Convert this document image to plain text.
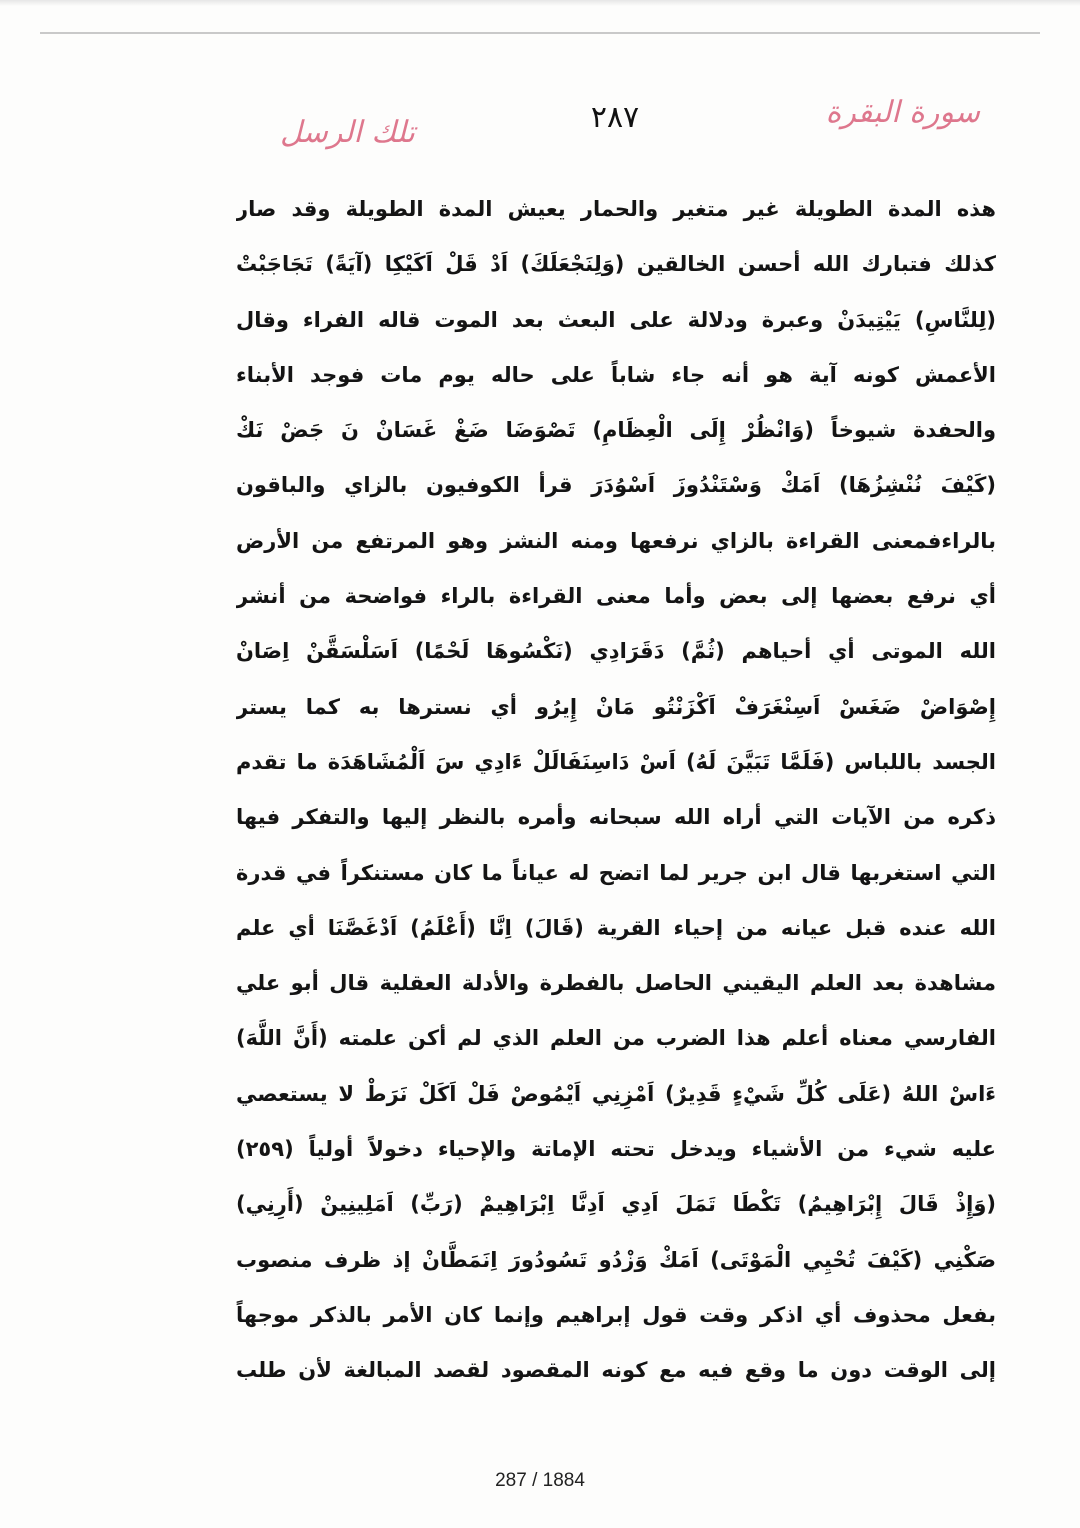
سورة البقرة
٢٨٧
تلك الرسل
هذه المدة الطويلة غير متغير والحمار يعيش المدة الطويلة وقد صار
كذلك فتبارك الله أحسن الخالقين (وَلِنَجْعَلَكَ) اَدْ قَلْ اَكَيْكِا (آيَةً) تَجَاجَبْتْ
(لِلنَّاسِ) يَيْتِيدَنْ وعبرة ودلالة على البعث بعد الموت قاله الفراء وقال
الأعمش كونه آية هو أنه جاء شاباً على حاله يوم مات فوجد الأبناء
والحفدة شيوخاً (وَانْظُرْ إِلَى الْعِظَامِ) تَصْوَضَا ضَغْ غَسَانْ نَ جَضْ نَكْ
(كَيْفَ نُنْشِزُهَا) اَمَكْ وَسْتَنْدُوزَ اَسْوُدَرَ قرأ الكوفيون بالزاي والباقون
بالراءفمعنى القراءة بالزاي نرفعها ومنه النشز وهو المرتفع من الأرض
أي نرفع بعضها إلى بعض وأما معنى القراءة بالراء فواضحة من أنشر
الله الموتى أي أحياهم (ثُمَّ) دَقَرَادِي (نَكْسُوهَا لَحْمًا) اَسَلْسَقَّنْ اِصَانْ
إِصْوَاضْ ضَغَسْ اَسِنْغَرَفْ اَكْزَنْتُو مَانْ إِيرُو أي نسترها به كما يستر
الجسد باللباس (فَلَمَّا تَبَيَّنَ لَهُ) اَسْ دَاسِنَفَالَلْ ءَادِي سَ اَلْمُشَاهَدَة ما تقدم
ذكره من الآيات التي أراه الله سبحانه وأمره بالنظر إليها والتفكر فيها
التي استغربها قال ابن جرير لما اتضح له عياناً ما كان مستنكراً في قدرة
الله عنده قبل عيانه من إحياء القرية (قَالَ) اِنَّا (أَعْلَمُ) اَدْغَصَّنَا أي علم
مشاهدة بعد العلم اليقيني الحاصل بالفطرة والأدلة العقلية قال أبو علي
الفارسي معناه أعلم هذا الضرب من العلم الذي لم أكن علمته (أَنَّ اللَّهَ)
ءَاسْ اللهُ (عَلَى كُلِّ شَيْءٍ قَدِيرٌ) اَمْزِنِي اَيْمُوصْ فَلْ اَكَلْ نَرَطْ لا يستعصي
عليه شيء من الأشياء ويدخل تحته الإماتة والإحياء دخولاً أولياً (٢٥٩)
(وَإِذْ قَالَ إِبْرَاهِيمُ) تَكْطَا تَمَلَ اَدِي اَدِنَّا اِبْرَاهِيمْ (رَبِّ) اَمَلِينِينْ (أَرِنِي)
صَكْنِي (كَيْفَ تُحْيِي الْمَوْتَى) اَمَكْ وَزْدُو تَسُودُورَ اِنَمَطَّانْ إذ ظرف منصوب
بفعل محذوف أي اذكر وقت قول إبراهيم وإنما كان الأمر بالذكر موجهاً
إلى الوقت دون ما وقع فيه مع كونه المقصود لقصد المبالغة لأن طلب
287 / 1884
